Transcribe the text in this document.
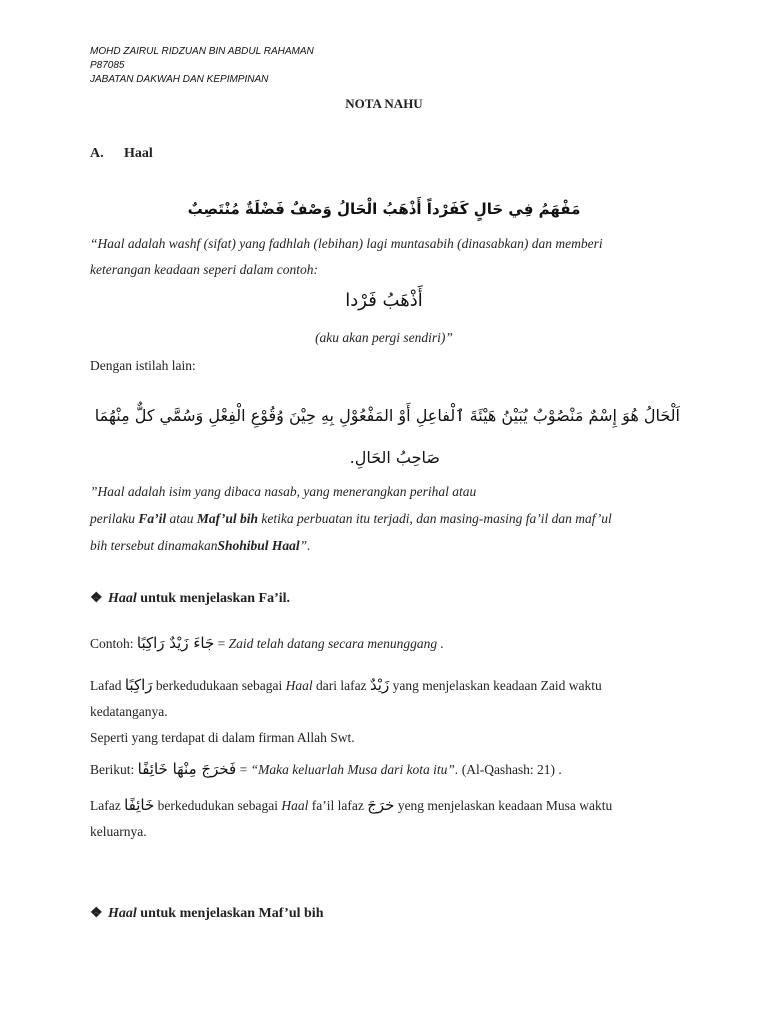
MOHD ZAIRUL RIDZUAN BIN ABDUL RAHAMAN
P87085
JABATAN DAKWAH DAN KEPIMPINAN
NOTA NAHU
A. Haal
مَفْهَمُ فِي حَالٍ كَفَرْداً أَذْهَبُ الْحَالُ وَصْفٌ فَضْلَةٌ مُنْتَصِبٌ
“Haal adalah washf (sifat) yang fadhlah (lebihan) lagi muntasabih (dinasabkan) dan memberi
keterangan keadaan seperi dalam contoh:
أَذْهَبُ فَرْدا
(aku akan pergi sendiri)”
Dengan istilah lain:
اَلْحَالُ هُوَ إِسْمٌ مَنْصُوْبٌ يُبَيْنُ هَيْئَةَ ٱلْفاعِلِ أَوْ المَفْعُوْلِ بِهِ حِيْنَ وُقُوْعِ الْفِعْلِ وَسُمَّي كلٌّ مِنْهُمَا
صَاحِبُ الحَالِ.
”Haal adalah isim yang dibaca nasab, yang menerangkan perihal atau
perilaku Fa’il atau Maf’ul bih ketika perbuatan itu terjadi, dan masing-masing fa’il dan maf’ul
bih tersebut dinamakanShohibul Haal”.
❖ Haal untuk menjelaskan Fa’il.
Contoh: جَاءَ زَيْدٌ رَاكِبًا = Zaid telah datang secara menunggang .
Lafad رَاكِبًا berkedudukaan sebagai Haal dari lafaz زَيْدٌ yang menjelaskan keadaan Zaid waktu
kedatanganya.
Seperti yang terdapat di dalam firman Allah Swt.
Berikut: فَخرَجَ مِنْهَا خَائِفًا = “Maka keluarlah Musa dari kota itu”. (Al-Qashash: 21) .
Lafaz خَائِفًا berkedudukan sebagai Haal fa’il lafaz خرَجَ yeng menjelaskan keadaan Musa waktu
keluarnya.
❖ Haal untuk menjelaskan Maf’ul bih
